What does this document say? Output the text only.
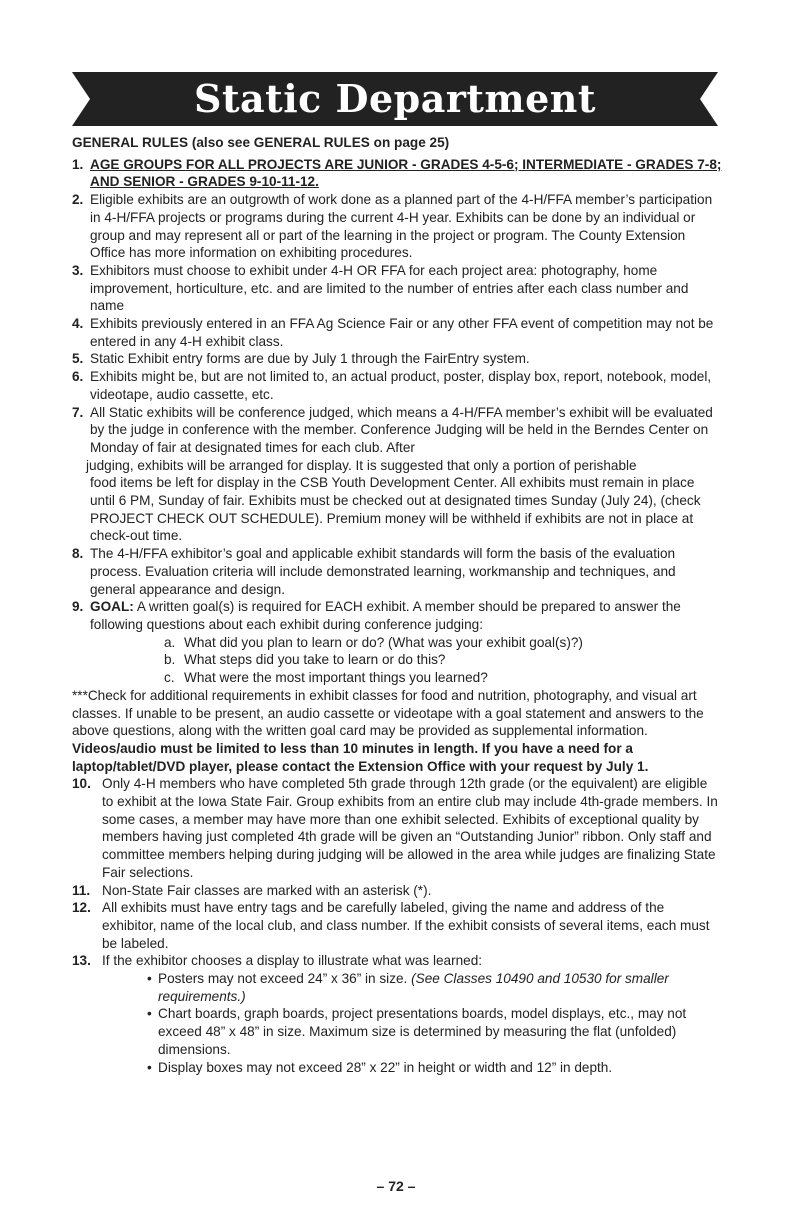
Static Department
GENERAL RULES (also see GENERAL RULES on page 25)
1. AGE GROUPS FOR ALL PROJECTS ARE JUNIOR - GRADES 4-5-6; INTERMEDIATE - GRADES 7-8; AND SENIOR - GRADES 9-10-11-12.
2. Eligible exhibits are an outgrowth of work done as a planned part of the 4-H/FFA member’s participation in 4-H/FFA projects or programs during the current 4-H year. Exhibits can be done by an individual or group and may represent all or part of the learning in the project or program. The County Extension Office has more information on exhibiting procedures.
3. Exhibitors must choose to exhibit under 4-H OR FFA for each project area: photography, home improvement, horticulture, etc. and are limited to the number of entries after each class number and name
4. Exhibits previously entered in an FFA Ag Science Fair or any other FFA event of competition may not be entered in any 4-H exhibit class.
5. Static Exhibit entry forms are due by July 1 through the FairEntry system.
6. Exhibits might be, but are not limited to, an actual product, poster, display box, report, notebook, model, videotape, audio cassette, etc.
7. All Static exhibits will be conference judged, which means a 4-H/FFA member’s exhibit will be evaluated by the judge in conference with the member. Conference Judging will be held in the Berndes Center on Monday of fair at designated times for each club. After
judging, exhibits will be arranged for display. It is suggested that only a portion of perishable
food items be left for display in the CSB Youth Development Center. All exhibits must remain in place until 6 PM, Sunday of fair. Exhibits must be checked out at designated times Sunday (July 24), (check PROJECT CHECK OUT SCHEDULE). Premium money will be withheld if exhibits are not in place at check-out time.
8. The 4-H/FFA exhibitor’s goal and applicable exhibit standards will form the basis of the evaluation process. Evaluation criteria will include demonstrated learning, workmanship and techniques, and general appearance and design.
9. GOAL: A written goal(s) is required for EACH exhibit. A member should be prepared to answer the following questions about each exhibit during conference judging:
a. What did you plan to learn or do? (What was your exhibit goal(s)?)
b. What steps did you take to learn or do this?
c. What were the most important things you learned?

***Check for additional requirements in exhibit classes for food and nutrition, photography, and visual art classes. If unable to be present, an audio cassette or videotape with a goal statement and answers to the above questions, along with the written goal card may be provided as supplemental information. Videos/audio must be limited to less than 10 minutes in length. If you have a need for a laptop/tablet/DVD player, please contact the Extension Office with your request by July 1.

10. Only 4-H members who have completed 5th grade through 12th grade (or the equivalent) are eligible to exhibit at the Iowa State Fair. Group exhibits from an entire club may include 4th-grade members. In some cases, a member may have more than one exhibit selected. Exhibits of exceptional quality by members having just completed 4th grade will be given an “Outstanding Junior” ribbon. Only staff and committee members helping during judging will be allowed in the area while judges are finalizing State Fair selections.
11. Non-State Fair classes are marked with an asterisk (*).
12. All exhibits must have entry tags and be carefully labeled, giving the name and address of the exhibitor, name of the local club, and class number. If the exhibit consists of several items, each must be labeled.
13. If the exhibitor chooses a display to illustrate what was learned:
• Posters may not exceed 24” x 36” in size. (See Classes 10490 and 10530 for smaller requirements.)
• Chart boards, graph boards, project presentations boards, model displays, etc., may not exceed 48” x 48” in size. Maximum size is determined by measuring the flat (unfolded) dimensions.
• Display boxes may not exceed 28” x 22” in height or width and 12” in depth.
– 72 –
